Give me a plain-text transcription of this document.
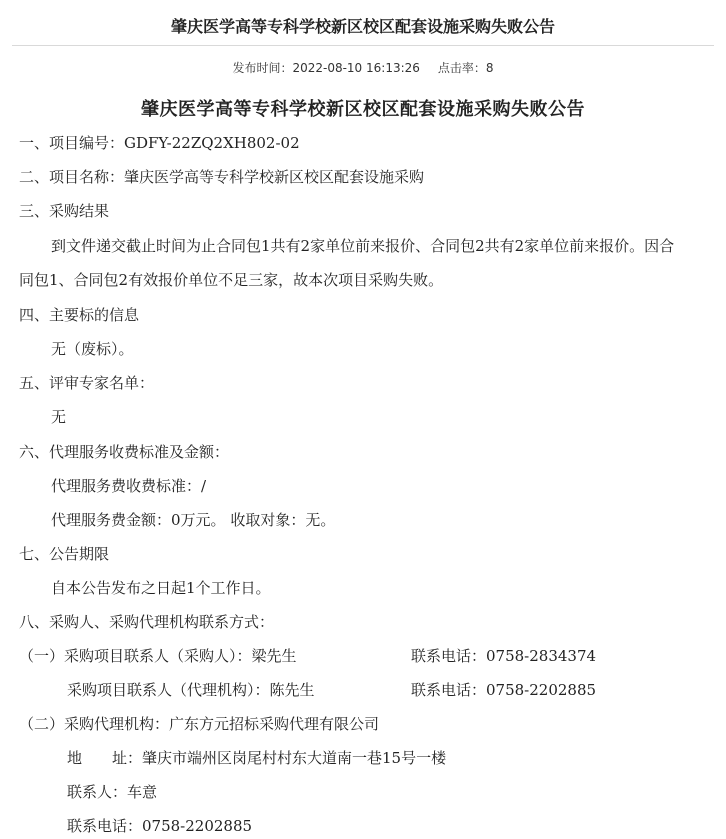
肇庆医学高等专科学校新区校区配套设施采购失败公告
发布时间：2022-08-10 16:13:26 点击率：8
肇庆医学高等专科学校新区校区配套设施采购失败公告
一、项目编号：GDFY-22ZQ2XH802-02
二、项目名称：肇庆医学高等专科学校新区校区配套设施采购
三、采购结果
到文件递交截止时间为止合同包1共有2家单位前来报价、合同包2共有2家单位前来报价。因合
同包1、合同包2有效报价单位不足三家，故本次项目采购失败。
四、主要标的信息
无（废标）。
五、评审专家名单：
无
六、代理服务收费标准及金额：
代理服务费收费标准：/
代理服务费金额：0万元。 收取对象：无。
七、公告期限
自本公告发布之日起1个工作日。
八、采购人、采购代理机构联系方式：
（一）采购项目联系人（采购人）：梁先生	联系电话：0758-2834374
采购项目联系人（代理机构）：陈先生	联系电话：0758-2202885
（二）采购代理机构：广东方元招标采购代理有限公司
地　　址：肇庆市端州区岗尾村村东大道南一巷15号一楼
联系人：车意
联系电话：0758-2202885
